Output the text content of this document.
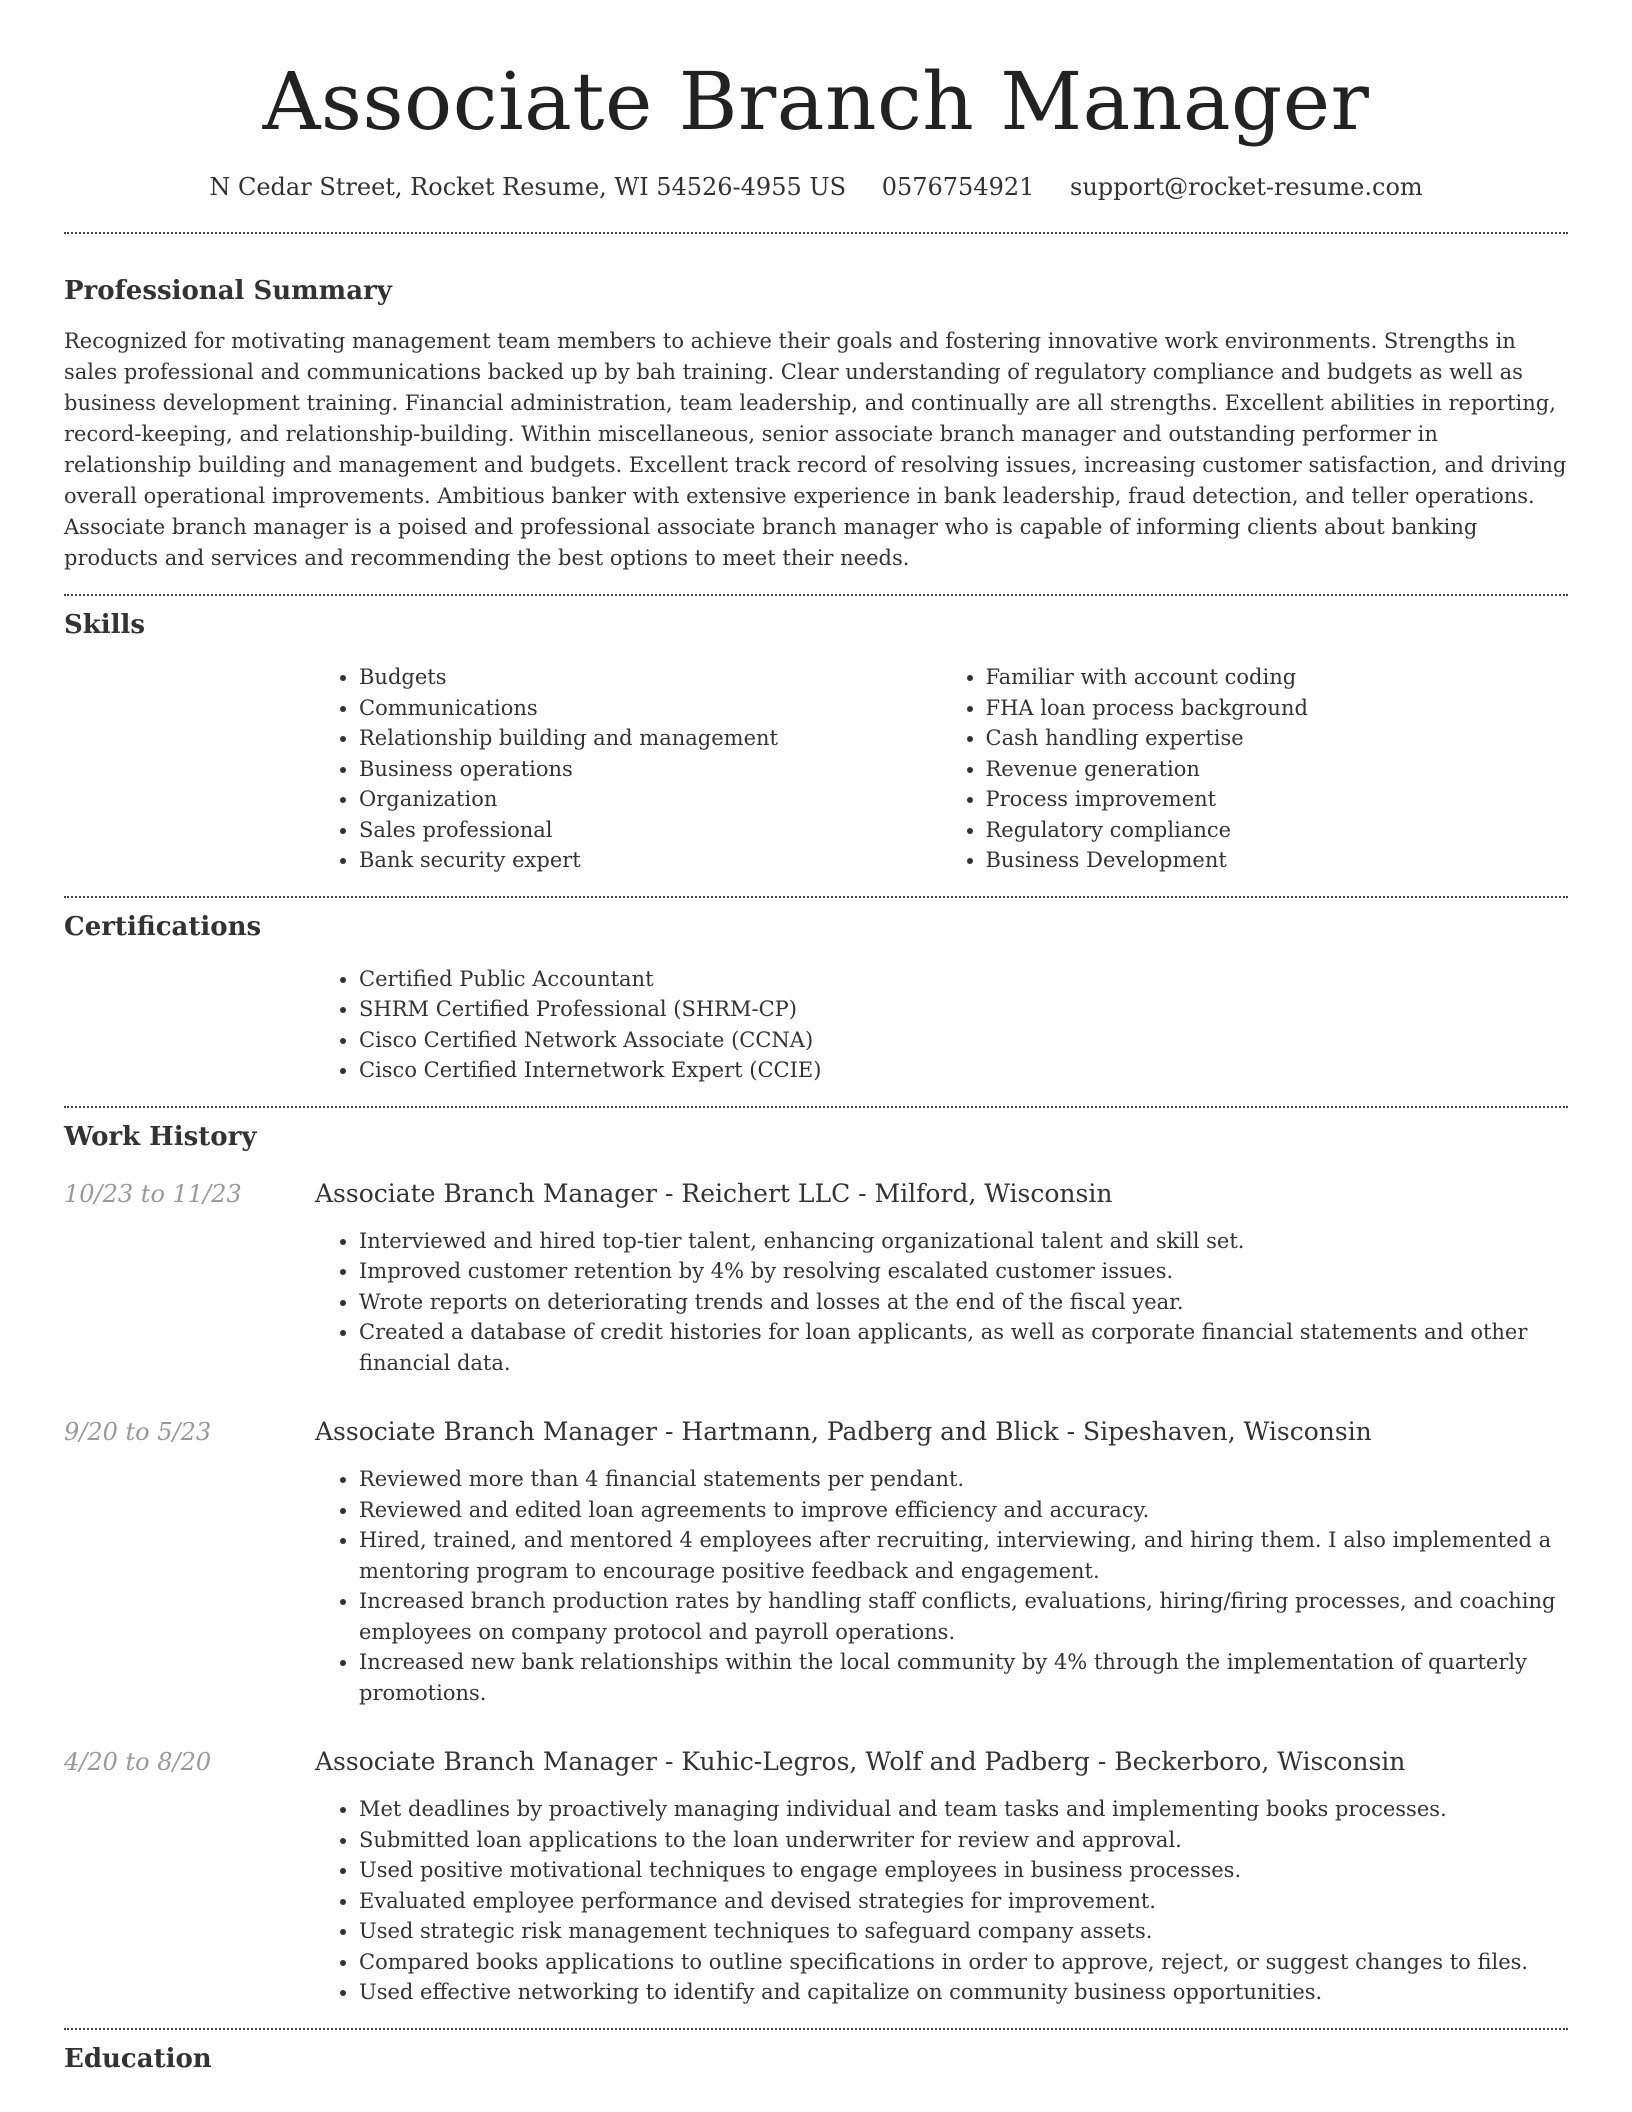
Associate Branch Manager
N Cedar Street, Rocket Resume, WI 54526-4955 US 0576754921 support@rocket-resume.com
Professional Summary

Recognized for motivating management team members to achieve their goals and fostering innovative work environments. Strengths in sales professional and communications backed up by bah training. Clear understanding of regulatory compliance and budgets as well as business development training. Financial administration, team leadership, and continually are all strengths. Excellent abilities in reporting, record-keeping, and relationship-building. Within miscellaneous, senior associate branch manager and outstanding performer in relationship building and management and budgets. Excellent track record of resolving issues, increasing customer satisfaction, and driving overall operational improvements. Ambitious banker with extensive experience in bank leadership, fraud detection, and teller operations. Associate branch manager is a poised and professional associate branch manager who is capable of informing clients about banking products and services and recommending the best options to meet their needs.

Skills
• Budgets
• Communications
• Relationship building and management
• Business operations
• Organization
• Sales professional
• Bank security expert
• Familiar with account coding
• FHA loan process background
• Cash handling expertise
• Revenue generation
• Process improvement
• Regulatory compliance
• Business Development
Certifications
• Certified Public Accountant
• SHRM Certified Professional (SHRM-CP)
• Cisco Certified Network Associate (CCNA)
• Cisco Certified Internetwork Expert (CCIE)
Work History
10/23 to 11/23	Associate Branch Manager - Reichert LLC - Milford, Wisconsin
• Interviewed and hired top-tier talent, enhancing organizational talent and skill set.
• Improved customer retention by 4% by resolving escalated customer issues.
• Wrote reports on deteriorating trends and losses at the end of the fiscal year.
• Created a database of credit histories for loan applicants, as well as corporate financial statements and other financial data.
9/20 to 5/23	Associate Branch Manager - Hartmann, Padberg and Blick - Sipeshaven, Wisconsin
• Reviewed more than 4 financial statements per pendant.
• Reviewed and edited loan agreements to improve efficiency and accuracy.
• Hired, trained, and mentored 4 employees after recruiting, interviewing, and hiring them. I also implemented a mentoring program to encourage positive feedback and engagement.
• Increased branch production rates by handling staff conflicts, evaluations, hiring/firing processes, and coaching employees on company protocol and payroll operations.
• Increased new bank relationships within the local community by 4% through the implementation of quarterly promotions.
4/20 to 8/20	Associate Branch Manager - Kuhic-Legros, Wolf and Padberg - Beckerboro, Wisconsin
• Met deadlines by proactively managing individual and team tasks and implementing books processes.
• Submitted loan applications to the loan underwriter for review and approval.
• Used positive motivational techniques to engage employees in business processes.
• Evaluated employee performance and devised strategies for improvement.
• Used strategic risk management techniques to safeguard company assets.
• Compared books applications to outline specifications in order to approve, reject, or suggest changes to files.
• Used effective networking to identify and capitalize on community business opportunities.
Education
